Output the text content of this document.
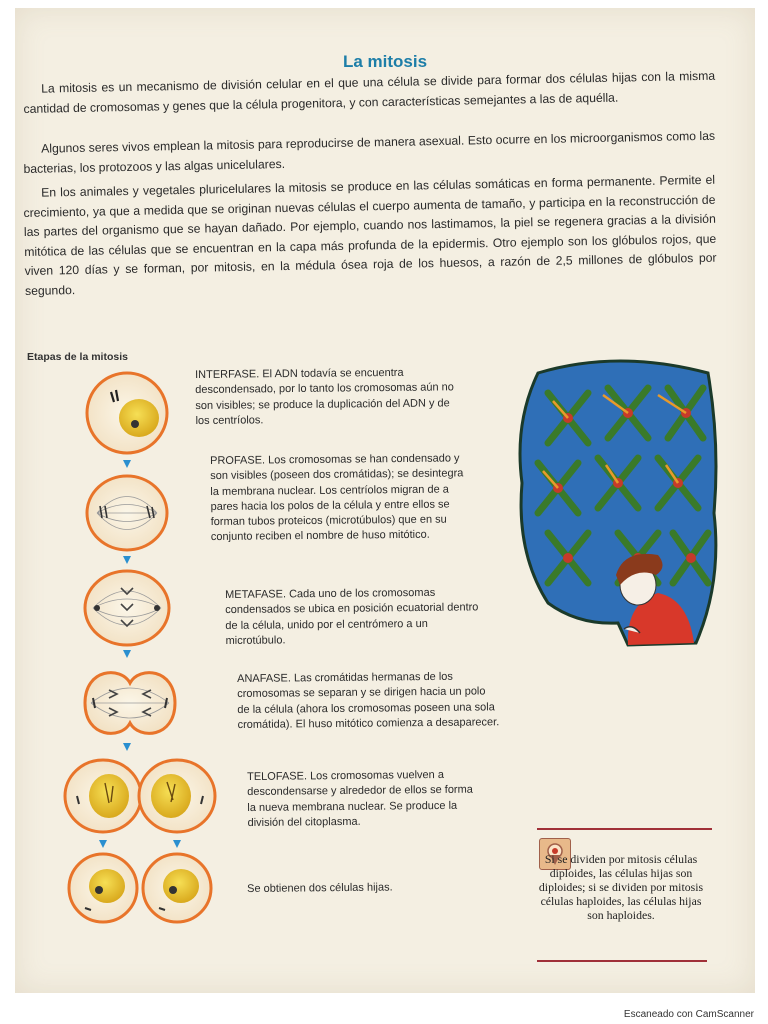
La mitosis

La mitosis es un mecanismo de división celular en el que una célula se divide para formar dos células hijas con la misma cantidad de cromosomas y genes que la célula progenitora, y con características semejantes a las de aquélla.

Algunos seres vivos emplean la mitosis para reproducirse de manera asexual. Esto ocurre en los microorganismos como las bacterias, los protozoos y las algas unicelulares.

En los animales y vegetales pluricelulares la mitosis se produce en las células somáticas en forma permanente. Permite el crecimiento, ya que a medida que se originan nuevas células el cuerpo aumenta de tamaño, y participa en la reconstrucción de las partes del organismo que se hayan dañado. Por ejemplo, cuando nos lastimamos, la piel se regenera gracias a la división mitótica de las células que se encuentran en la capa más profunda de la epidermis. Otro ejemplo son los glóbulos rojos, que viven 120 días y se forman, por mitosis, en la médula ósea roja de los huesos, a razón de 2,5 millones de glóbulos por segundo.

Etapas de la mitosis

INTERFASE. El ADN todavía se encuentra descondensado, por lo tanto los cromosomas aún no son visibles; se produce la duplicación del ADN y de los centríolos.

PROFASE. Los cromosomas se han condensado y son visibles (poseen dos cromátidas); se desintegra la membrana nuclear. Los centríolos migran de a pares hacia los polos de la célula y entre ellos se forman tubos proteicos (microtúbulos) que en su conjunto reciben el nombre de huso mitótico.

METAFASE. Cada uno de los cromosomas condensados se ubica en posición ecuatorial dentro de la célula, unido por el centrómero a un microtúbulo.

ANAFASE. Las cromátidas hermanas de los cromosomas se separan y se dirigen hacia un polo de la célula (ahora los cromosomas poseen una sola cromátida). El huso mitótico comienza a desaparecer.

TELOFASE. Los cromosomas vuelven a descondensarse y alrededor de ellos se forma la nueva membrana nuclear. Se produce la división del citoplasma.

Se obtienen dos células hijas.

Si se dividen por mitosis células diploides, las células hijas son diploides; si se dividen por mitosis células haploides, las células hijas son haploides.
Escaneado con CamScanner
